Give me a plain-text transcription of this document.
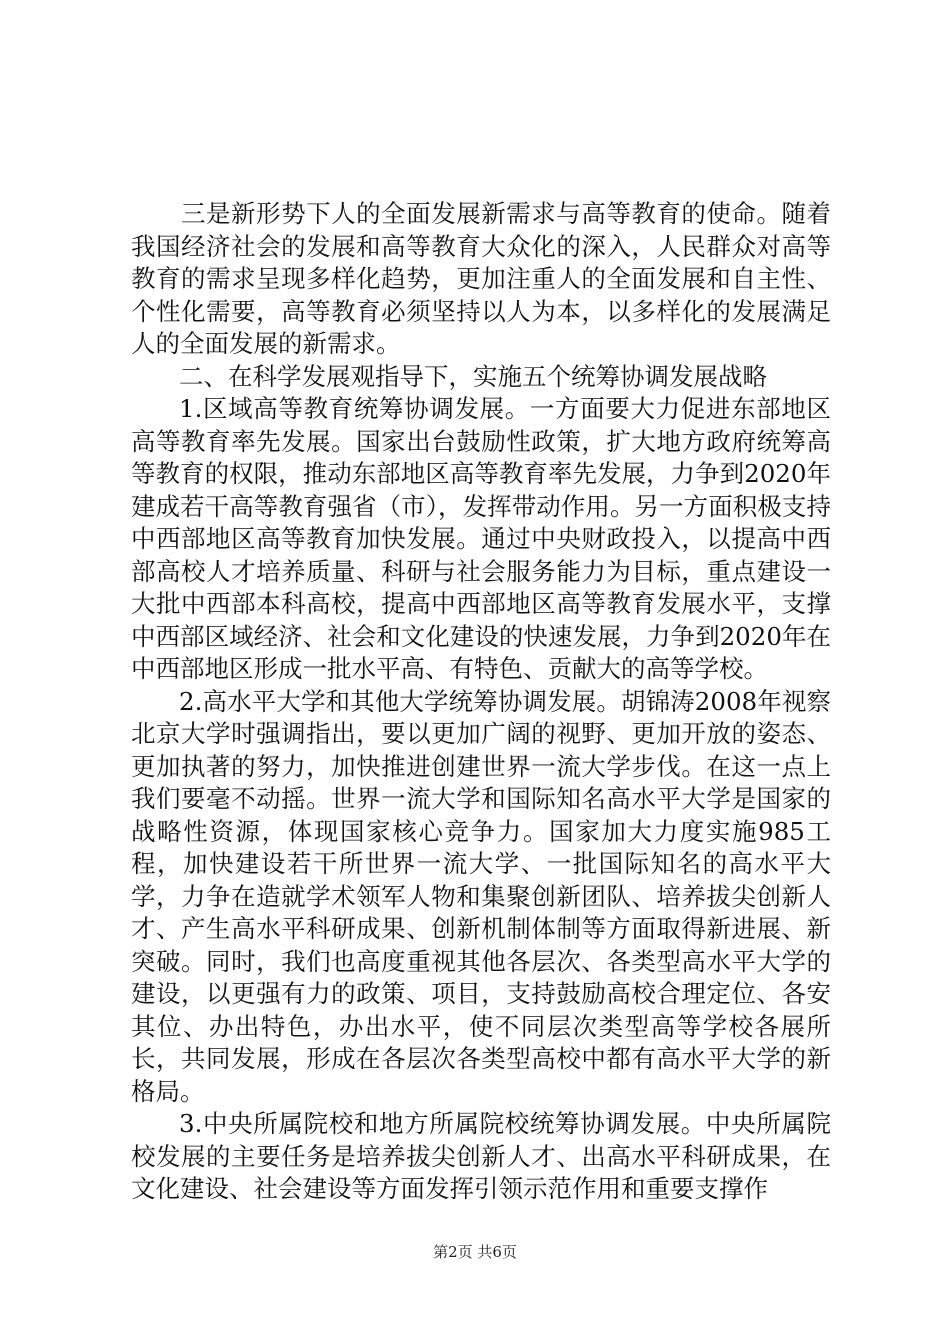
三是新形势下人的全面发展新需求与高等教育的使命。随着我国经济社会的发展和高等教育大众化的深入，人民群众对高等教育的需求呈现多样化趋势，更加注重人的全面发展和自主性、个性化需要，高等教育必须坚持以人为本，以多样化的发展满足人的全面发展的新需求。

二、在科学发展观指导下，实施五个统筹协调发展战略

1.区域高等教育统筹协调发展。一方面要大力促进东部地区高等教育率先发展。国家出台鼓励性政策，扩大地方政府统筹高等教育的权限，推动东部地区高等教育率先发展，力争到2020年建成若干高等教育强省（市），发挥带动作用。另一方面积极支持中西部地区高等教育加快发展。通过中央财政投入，以提高中西部高校人才培养质量、科研与社会服务能力为目标，重点建设一大批中西部本科高校，提高中西部地区高等教育发展水平，支撑中西部区域经济、社会和文化建设的快速发展，力争到2020年在中西部地区形成一批水平高、有特色、贡献大的高等学校。

2.高水平大学和其他大学统筹协调发展。胡锦涛2008年视察北京大学时强调指出，要以更加广阔的视野、更加开放的姿态、更加执著的努力，加快推进创建世界一流大学步伐。在这一点上我们要毫不动摇。世界一流大学和国际知名高水平大学是国家的战略性资源，体现国家核心竞争力。国家加大力度实施985工程，加快建设若干所世界一流大学、一批国际知名的高水平大学，力争在造就学术领军人物和集聚创新团队、培养拔尖创新人才、产生高水平科研成果、创新机制体制等方面取得新进展、新突破。同时，我们也高度重视其他各层次、各类型高水平大学的建设，以更强有力的政策、项目，支持鼓励高校合理定位、各安其位、办出特色，办出水平，使不同层次类型高等学校各展所长，共同发展，形成在各层次各类型高校中都有高水平大学的新格局。

3.中央所属院校和地方所属院校统筹协调发展。中央所属院校发展的主要任务是培养拔尖创新人才、出高水平科研成果，在文化建设、社会建设等方面发挥引领示范作用和重要支撑作

第2页 共6页
